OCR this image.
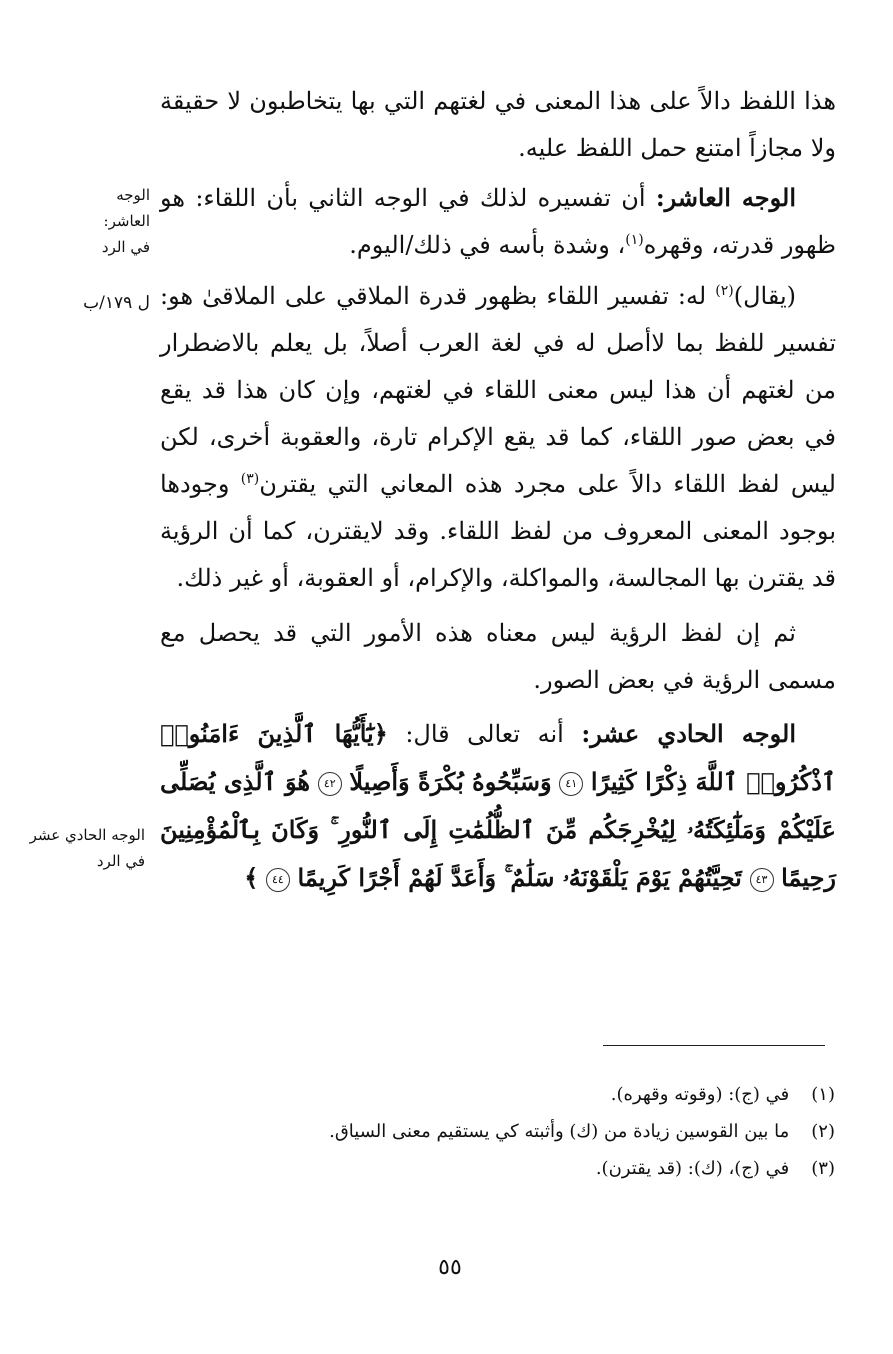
الوجه العاشر: في الرد
ل ١٧٩/ب
الوجه الحادي عشر في الرد

هذا اللفظ دالاً على هذا المعنى في لغتهم التي بها يتخاطبون لا حقيقة ولا مجازاً امتنع حمل اللفظ عليه.

الوجه العاشر: أن تفسيره لذلك في الوجه الثاني بأن اللقاء: هو ظهور قدرته، وقهره$^{(١)}$، وشدة بأسه في ذلك/اليوم.

(يقال)$^{(٢)}$ له: تفسير اللقاء بظهور قدرة الملاقي على الملاقىٰ هو: تفسير للفظ بما لاأصل له في لغة العرب أصلاً، بل يعلم بالاضطرار من لغتهم أن هذا ليس معنى اللقاء في لغتهم، وإن كان هذا قد يقع في بعض صور اللقاء، كما قد يقع الإكرام تارة، والعقوبة أخرى، لكن ليس لفظ اللقاء دالاً على مجرد هذه المعاني التي يقترن$^{(٣)}$ وجودها بوجود المعنى المعروف من لفظ اللقاء. وقد لايقترن، كما أن الرؤية قد يقترن بها المجالسة، والمواكلة، والإكرام، أو العقوبة، أو غير ذلك.

ثم إن لفظ الرؤية ليس معناه هذه الأمور التي قد يحصل مع مسمى الرؤية في بعض الصور.

الوجه الحادي عشر: أنه تعالى قال: ﴿يَٰٓأَيُّهَا ٱلَّذِينَ ءَامَنُوا۟ ٱذْكُرُوا۟ ٱللَّهَ ذِكْرًا كَثِيرًا ٤١ وَسَبِّحُوهُ بُكْرَةً وَأَصِيلًا ٤٢ هُوَ ٱلَّذِى يُصَلِّى عَلَيْكُمْ وَمَلَٰٓئِكَتُهُۥ لِيُخْرِجَكُم مِّنَ ٱلظُّلُمَٰتِ إِلَى ٱلنُّورِ ۚ وَكَانَ بِٱلْمُؤْمِنِينَ رَحِيمًا ٤٣ تَحِيَّتُهُمْ يَوْمَ يَلْقَوْنَهُۥ سَلَٰمٌ ۚ وَأَعَدَّ لَهُمْ أَجْرًا كَرِيمًا ٤٤ ﴾

(١) في (ج): (وقوته وقهره).
(٢) ما بين القوسين زيادة من (ك) وأثبته كي يستقيم معنى السياق.
(٣) في (ج)، (ك): (قد يقترن).
٥٥
